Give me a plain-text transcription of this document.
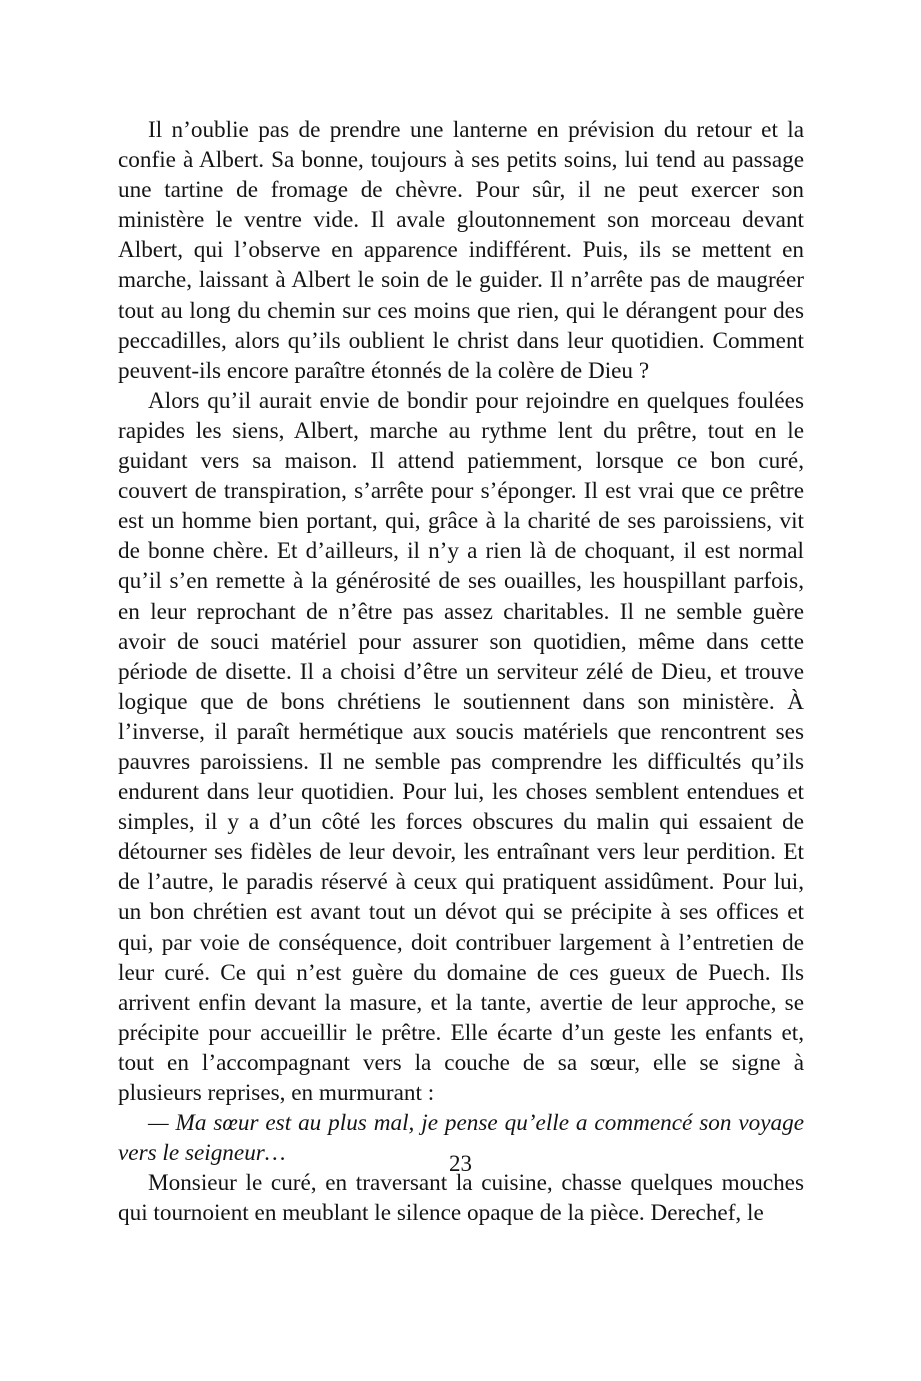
Il n’oublie pas de prendre une lanterne en prévision du retour et la confie à Albert. Sa bonne, toujours à ses petits soins, lui tend au passage une tartine de fromage de chèvre. Pour sûr, il ne peut exercer son ministère le ventre vide. Il avale gloutonnement son morceau devant Albert, qui l’observe en apparence indifférent. Puis, ils se mettent en marche, laissant à Albert le soin de le guider. Il n’arrête pas de maugréer tout au long du chemin sur ces moins que rien, qui le dérangent pour des peccadilles, alors qu’ils oublient le christ dans leur quotidien. Comment peuvent-ils encore paraître étonnés de la colère de Dieu ?

Alors qu’il aurait envie de bondir pour rejoindre en quelques foulées rapides les siens, Albert, marche au rythme lent du prêtre, tout en le guidant vers sa maison. Il attend patiemment, lorsque ce bon curé, couvert de transpiration, s’arrête pour s’éponger. Il est vrai que ce prêtre est un homme bien portant, qui, grâce à la charité de ses paroissiens, vit de bonne chère. Et d’ailleurs, il n’y a rien là de choquant, il est normal qu’il s’en remette à la générosité de ses ouailles, les houspillant parfois, en leur reprochant de n’être pas assez charitables. Il ne semble guère avoir de souci matériel pour assurer son quotidien, même dans cette période de disette. Il a choisi d’être un serviteur zélé de Dieu, et trouve logique que de bons chrétiens le soutiennent dans son ministère. À l’inverse, il paraît hermétique aux soucis matériels que rencontrent ses pauvres paroissiens. Il ne semble pas comprendre les difficultés qu’ils endurent dans leur quotidien. Pour lui, les choses semblent entendues et simples, il y a d’un côté les forces obscures du malin qui essaient de détourner ses fidèles de leur devoir, les entraînant vers leur perdition. Et de l’autre, le paradis réservé à ceux qui pratiquent assidûment. Pour lui, un bon chrétien est avant tout un dévot qui se précipite à ses offices et qui, par voie de conséquence, doit contribuer largement à l’entretien de leur curé. Ce qui n’est guère du domaine de ces gueux de Puech. Ils arrivent enfin devant la masure, et la tante, avertie de leur approche, se précipite pour accueillir le prêtre. Elle écarte d’un geste les enfants et, tout en l’accompagnant vers la couche de sa sœur, elle se signe à plusieurs reprises, en murmurant :

— Ma sœur est au plus mal, je pense qu’elle a commencé son voyage vers le seigneur…

Monsieur le curé, en traversant la cuisine, chasse quelques mouches qui tournoient en meublant le silence opaque de la pièce. Derechef, le

23
